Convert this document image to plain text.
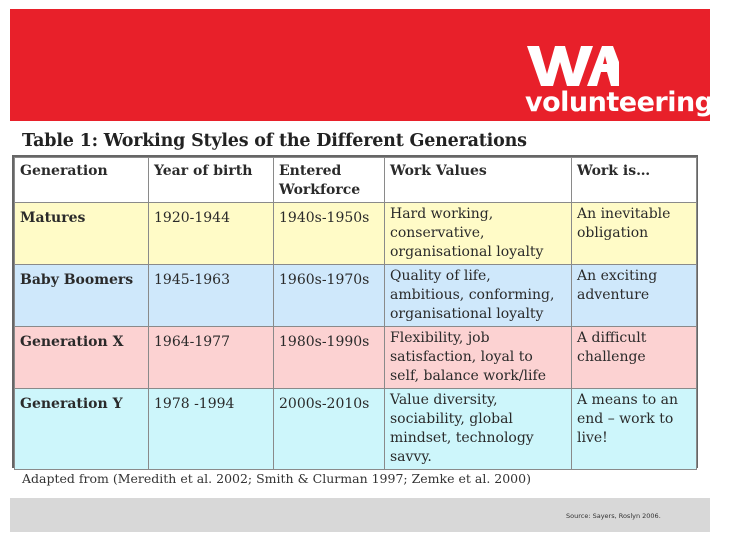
volunteeringWA
Table 1: Working Styles of the Different Generations
Generation	Year of birth	Entered Workforce	Work Values	Work is…
Matures	1920-1944	1940s-1950s	Hard working, conservative, organisational loyalty	An inevitable obligation
Baby Boomers	1945-1963	1960s-1970s	Quality of life, ambitious, conforming, organisational loyalty	An exciting adventure
Generation X	1964-1977	1980s-1990s	Flexibility, job satisfaction, loyal to self, balance work/life	A difficult challenge
Generation Y	1978 -1994	2000s-2010s	Value diversity, sociability, global mindset, technology savvy.	A means to an end – work to live!
Adapted from (Meredith et al. 2002; Smith & Clurman 1997; Zemke et al. 2000)
Source: Sayers, Roslyn 2006.
